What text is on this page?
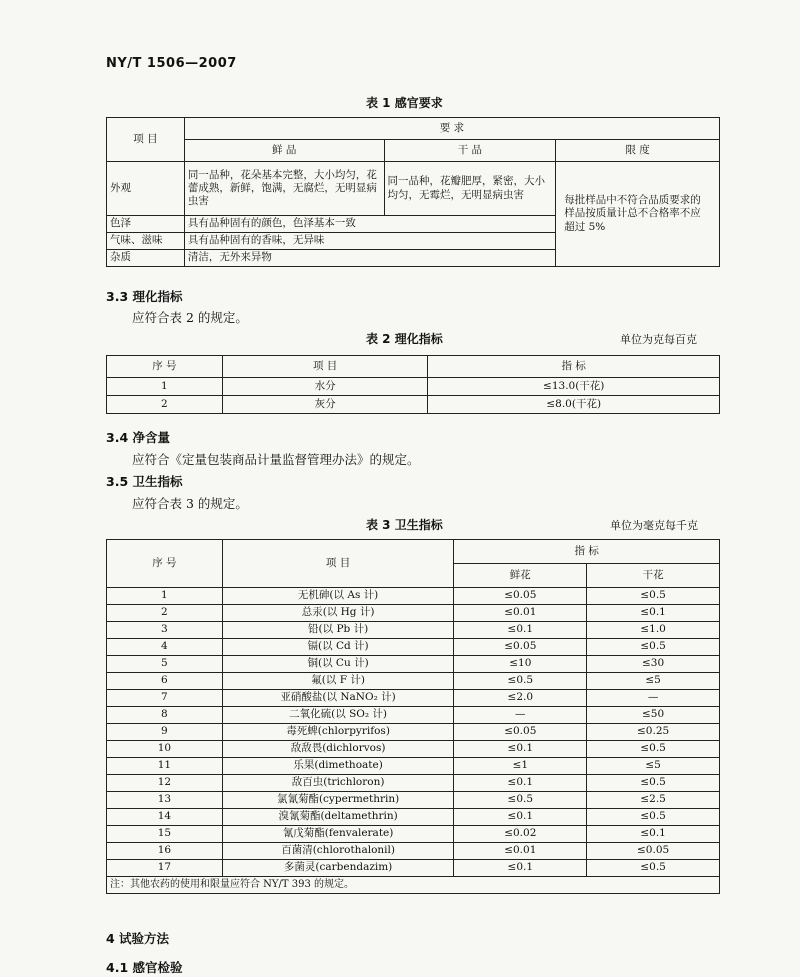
NY/T 1506—2007
表 1 感官要求
项 目	要 求		
	鲜 品	干 品	限 度
外观	同一品种，花朵基本完整，大小均匀，花蕾成熟，新鲜，饱满，无腐烂，无明显病虫害	同一品种，花瓣肥厚，紧密，大小均匀，无霉烂，无明显病虫害	每批样品中不符合品质要求的样品按质量计总不合格率不应超过 5%
色泽	具有品种固有的颜色，色泽基本一致		
气味、滋味	具有品种固有的香味，无异味		
杂质	清洁，无外来异物		
3.3 理化指标
应符合表 2 的规定。
表 2 理化指标	单位为克每百克
序 号	项 目	指 标
1	水分	≤13.0(干花)
2	灰分	≤8.0(干花)
3.4 净含量
应符合《定量包装商品计量监督管理办法》的规定。
3.5 卫生指标
应符合表 3 的规定。
表 3 卫生指标	单位为毫克每千克
序 号	项 目	指 标	
		鲜花	干花
1	无机砷(以 As 计)	≤0.05	≤0.5
2	总汞(以 Hg 计)	≤0.01	≤0.1
3	铅(以 Pb 计)	≤0.1	≤1.0
4	镉(以 Cd 计)	≤0.05	≤0.5
5	铜(以 Cu 计)	≤10	≤30
6	氟(以 F 计)	≤0.5	≤5
7	亚硝酸盐(以 NaNO₂ 计)	≤2.0	—
8	二氧化硫(以 SO₂ 计)	—	≤50
9	毒死蜱(chlorpyrifos)	≤0.05	≤0.25
10	敌敌畏(dichlorvos)	≤0.1	≤0.5
11	乐果(dimethoate)	≤1	≤5
12	敌百虫(trichloron)	≤0.1	≤0.5
13	氯氰菊酯(cypermethrin)	≤0.5	≤2.5
14	溴氰菊酯(deltamethrin)	≤0.1	≤0.5
15	氰戊菊酯(fenvalerate)	≤0.02	≤0.1
16	百菌清(chlorothalonil)	≤0.01	≤0.05
17	多菌灵(carbendazim)	≤0.1	≤0.5
注：其他农药的使用和限量应符合 NY/T 393 的规定。			
4 试验方法
4.1 感官检验
